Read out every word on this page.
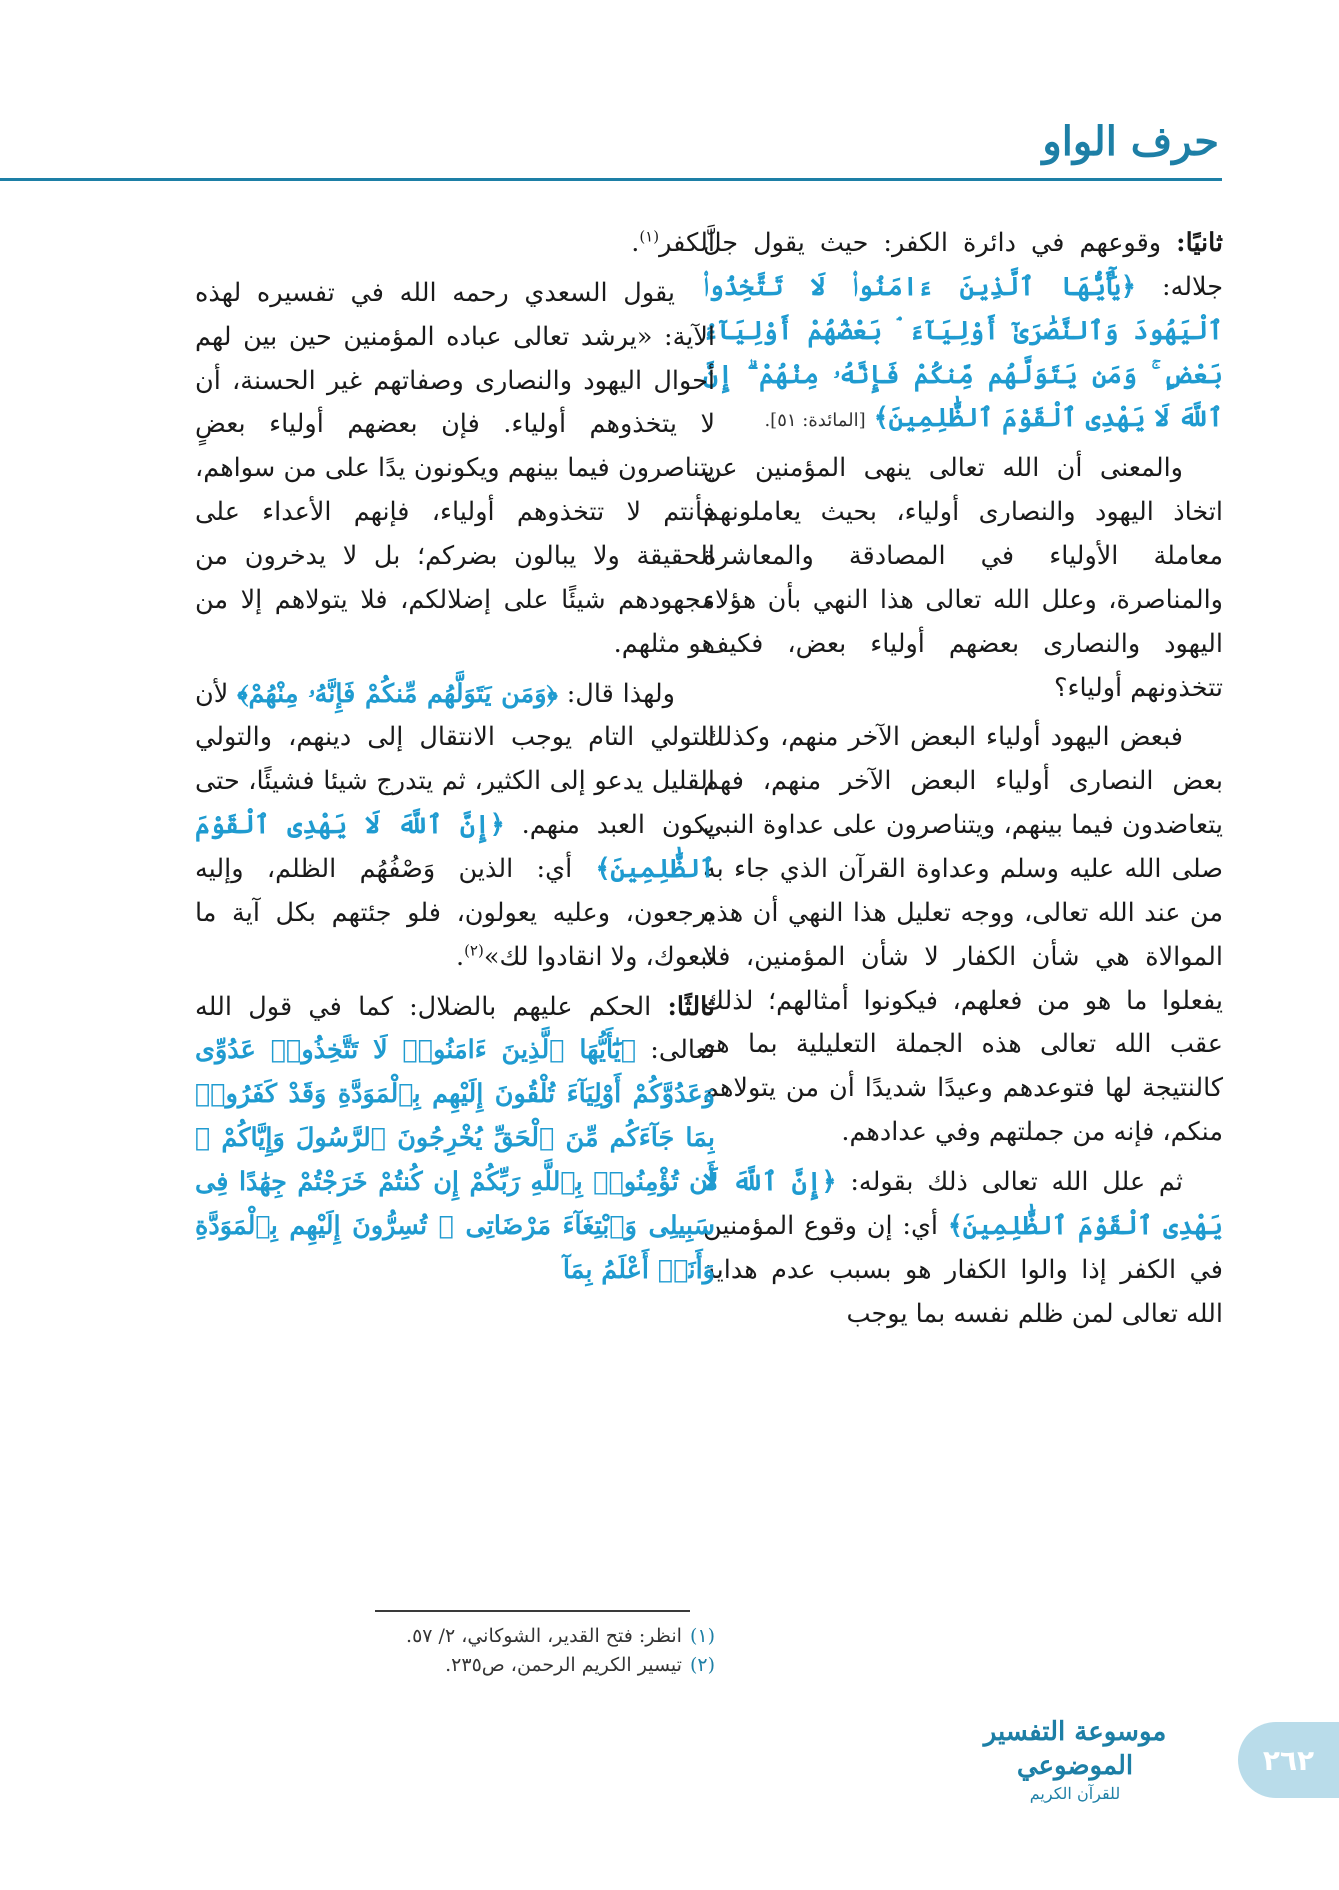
حرف الواو

ثانيًا: وقوعهم في دائرة الكفر: حيث يقول جلَّ جلاله: ﴿يَٰٓأَيُّهَا ٱلَّذِينَ ءَامَنُوا۟ لَا تَتَّخِذُوا۟ ٱلْيَهُودَ وَٱلنَّصَٰرَىٰٓ أَوْلِيَآءَ ۘ بَعْضُهُمْ أَوْلِيَآءُ بَعْضٍ ۚ وَمَن يَتَوَلَّهُم مِّنكُمْ فَإِنَّهُۥ مِنْهُمْ ۗ إِنَّ ٱللَّهَ لَا يَهْدِى ٱلْقَوْمَ ٱلظَّٰلِمِينَ﴾ [المائدة: ٥١].

والمعنى أن الله تعالى ينهى المؤمنين عن اتخاذ اليهود والنصارى أولياء، بحيث يعاملونهم معاملة الأولياء في المصادقة والمعاشرة والمناصرة، وعلل الله تعالى هذا النهي بأن هؤلاء اليهود والنصارى بعضهم أولياء بعض، فكيف تتخذونهم أولياء؟

فبعض اليهود أولياء البعض الآخر منهم، وكذلك بعض النصارى أولياء البعض الآخر منهم، فهم يتعاضدون فيما بينهم، ويتناصرون على عداوة النبي صلى الله عليه وسلم وعداوة القرآن الذي جاء به من عند الله تعالى، ووجه تعليل هذا النهي أن هذه الموالاة هي شأن الكفار لا شأن المؤمنين، فلا يفعلوا ما هو من فعلهم، فيكونوا أمثالهم؛ لذلك عقب الله تعالى هذه الجملة التعليلية بما هو كالنتيجة لها فتوعدهم وعيدًا شديدًا أن من يتولاهم منكم، فإنه من جملتهم وفي عدادهم.

ثم علل الله تعالى ذلك بقوله: ﴿إِنَّ ٱللَّهَ لَا يَهْدِى ٱلْقَوْمَ ٱلظَّٰلِمِينَ﴾ أي: إن وقوع المؤمنين في الكفر إذا والوا الكفار هو بسبب عدم هداية الله تعالى لمن ظلم نفسه بما يوجب

الكفر$^{(١)}$.

يقول السعدي رحمه الله في تفسيره لهذه الآية: «يرشد تعالى عباده المؤمنين حين بين لهم أحوال اليهود والنصارى وصفاتهم غير الحسنة، أن لا يتخذوهم أولياء. فإن بعضهم أولياء بعضٍ يتناصرون فيما بينهم ويكونون يدًا على من سواهم، فأنتم لا تتخذوهم أولياء، فإنهم الأعداء على الحقيقة ولا يبالون بضركم؛ بل لا يدخرون من مجهودهم شيئًا على إضلالكم، فلا يتولاهم إلا من هو مثلهم.

ولهذا قال: ﴿وَمَن يَتَوَلَّهُم مِّنكُمْ فَإِنَّهُۥ مِنْهُمْ﴾ لأن التولي التام يوجب الانتقال إلى دينهم، والتولي القليل يدعو إلى الكثير، ثم يتدرج شيئا فشيئًا، حتى يكون العبد منهم. ﴿إِنَّ ٱللَّهَ لَا يَهْدِى ٱلْقَوْمَ ٱلظَّٰلِمِينَ﴾ أي: الذين وَصْفُهُم الظلم، وإليه يرجعون، وعليه يعولون، فلو جئتهم بكل آية ما تبعوك، ولا انقادوا لك»$^{(٢)}$.

ثالثًا: الحكم عليهم بالضلال: كما في قول الله تعالى: ﴿يَٰٓأَيُّهَا ٱلَّذِينَ ءَامَنُوا۟ لَا تَتَّخِذُوا۟ عَدُوِّى وَعَدُوَّكُمْ أَوْلِيَآءَ تُلْقُونَ إِلَيْهِم بِٱلْمَوَدَّةِ وَقَدْ كَفَرُوا۟ بِمَا جَآءَكُم مِّنَ ٱلْحَقِّ يُخْرِجُونَ ٱلرَّسُولَ وَإِيَّاكُمْ ۙ أَن تُؤْمِنُوا۟ بِٱللَّهِ رَبِّكُمْ إِن كُنتُمْ خَرَجْتُمْ جِهَٰدًا فِى سَبِيلِى وَٱبْتِغَآءَ مَرْضَاتِى ۚ تُسِرُّونَ إِلَيْهِم بِٱلْمَوَدَّةِ وَأَنَا۠ أَعْلَمُ بِمَآ

(١)انظر: فتح القدير، الشوكاني، ٢/ ٥٧.
(٢)تيسير الكريم الرحمن، ص٢٣٥.
موسوعة التفسير الموضوعي
للقرآن الكريم
٢٦٢
